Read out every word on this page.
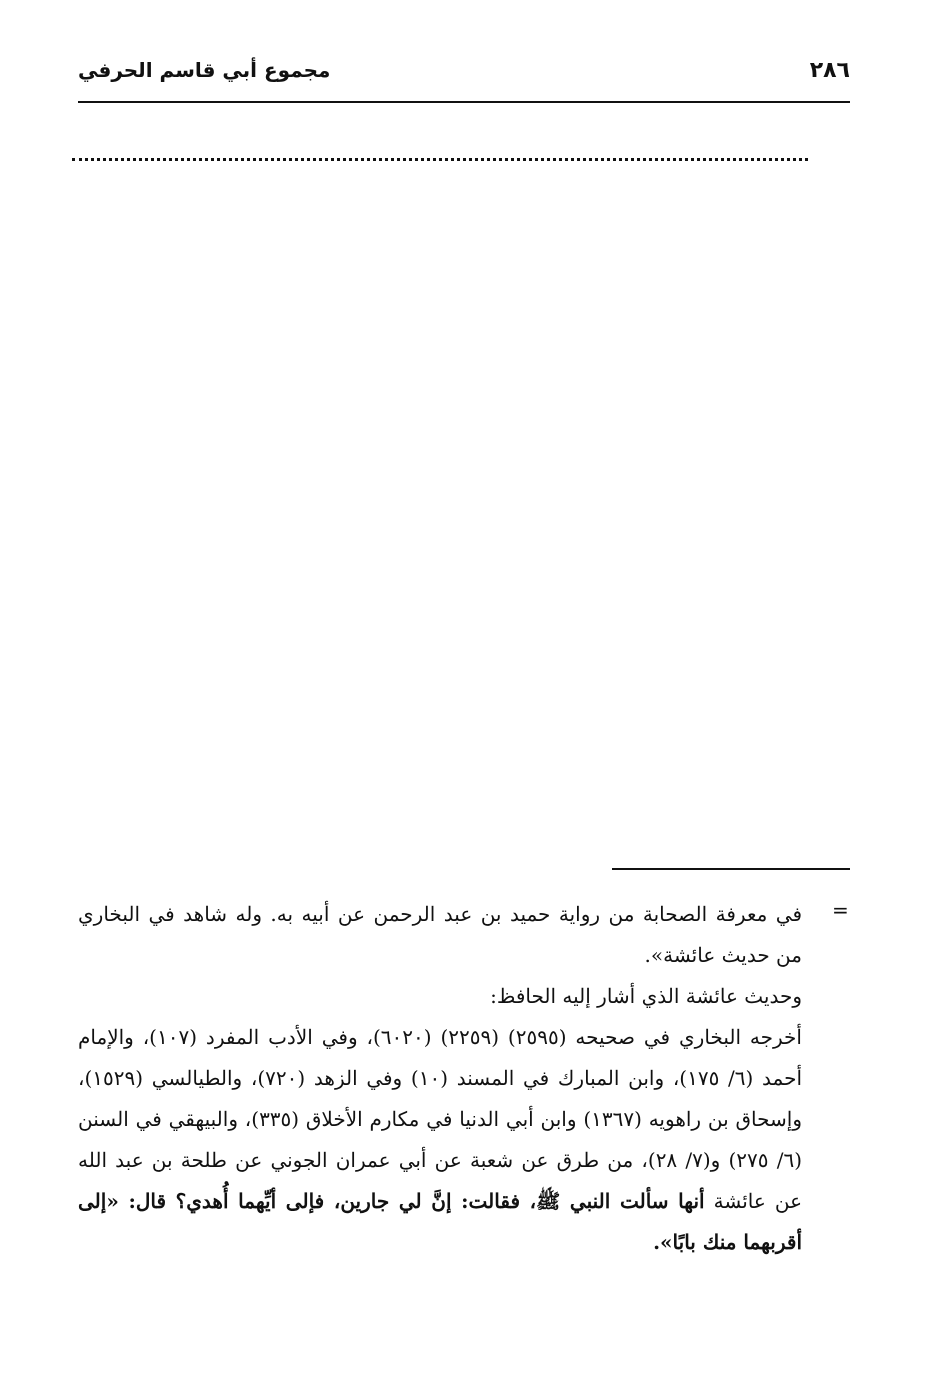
٢٨٦
مجموع أبي قاسم الحرفي
=

في معرفة الصحابة من رواية حميد بن عبد الرحمن عن أبيه به. وله شاهد في البخاري من حديث عائشة».

وحديث عائشة الذي أشار إليه الحافظ:

أخرجه البخاري في صحيحه (٢٥٩٥) (٢٢٥٩) (٦٠٢٠)، وفي الأدب المفرد (١٠٧)، والإمام أحمد (٦/ ١٧٥)، وابن المبارك في المسند (١٠) وفي الزهد (٧٢٠)، والطيالسي (١٥٢٩)، وإسحاق بن راهويه (١٣٦٧) وابن أبي الدنيا في مكارم الأخلاق (٣٣٥)، والبيهقي في السنن (٦/ ٢٧٥) و(٧/ ٢٨)، من طرق عن شعبة عن أبي عمران الجوني عن طلحة بن عبد الله عن عائشة أنها سألت النبي ﷺ، فقالت: إنَّ لي جارين، فإلى أيِّهما أُهدي؟ قال: «إلى أقربهما منك بابًا».
